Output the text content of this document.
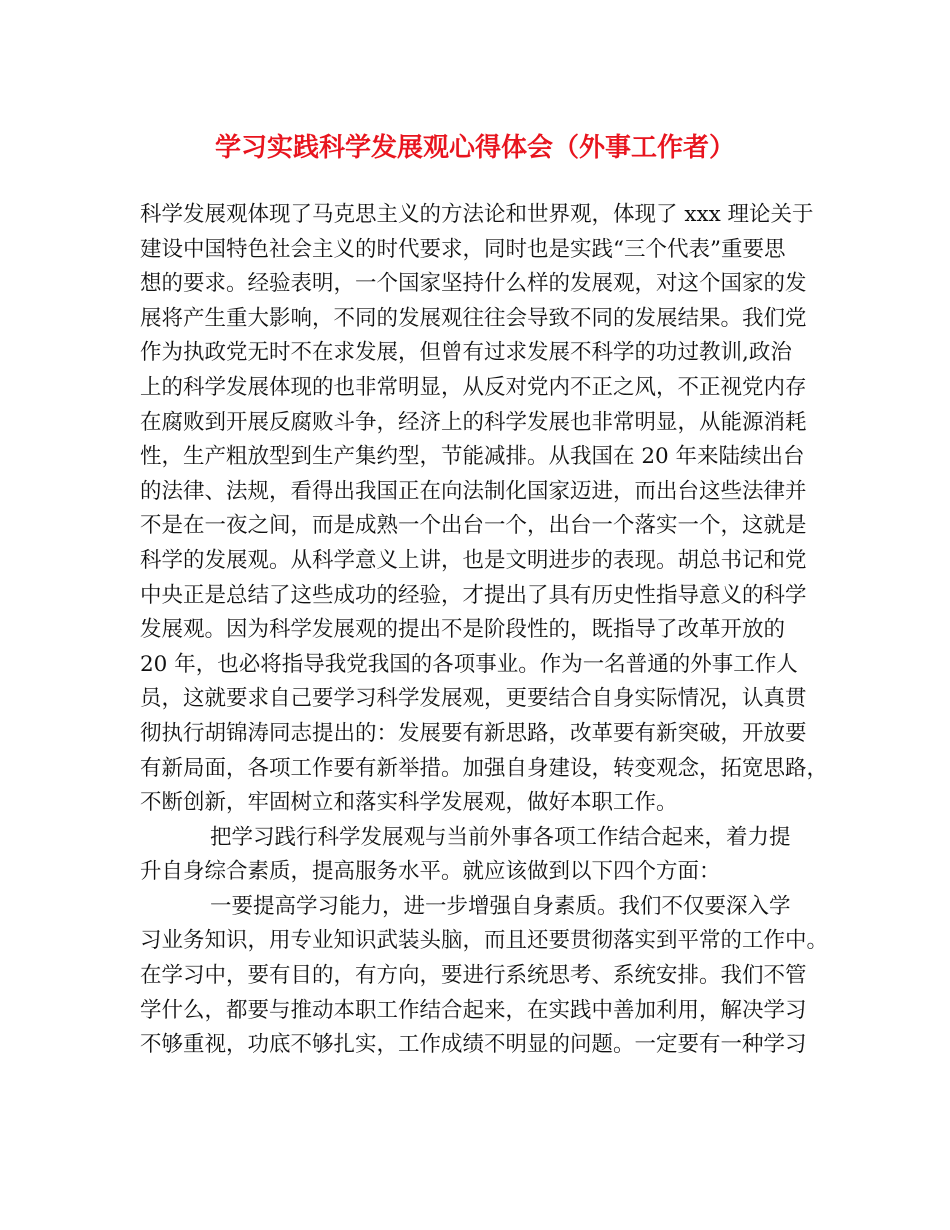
学习实践科学发展观心得体会（外事工作者）
科学发展观体现了马克思主义的方法论和世界观，体现了 xxx 理论关于
建设中国特色社会主义的时代要求，同时也是实践“三个代表”重要思
想的要求。经验表明，一个国家坚持什么样的发展观，对这个国家的发
展将产生重大影响，不同的发展观往往会导致不同的发展结果。我们党
作为执政党无时不在求发展，但曾有过求发展不科学的功过教训,政治
上的科学发展体现的也非常明显，从反对党内不正之风，不正视党内存
在腐败到开展反腐败斗争，经济上的科学发展也非常明显，从能源消耗
性，生产粗放型到生产集约型，节能减排。从我国在 20 年来陆续出台
的法律、法规，看得出我国正在向法制化国家迈进，而出台这些法律并
不是在一夜之间，而是成熟一个出台一个，出台一个落实一个，这就是
科学的发展观。从科学意义上讲，也是文明进步的表现。胡总书记和党
中央正是总结了这些成功的经验，才提出了具有历史性指导意义的科学
发展观。因为科学发展观的提出不是阶段性的，既指导了改革开放的
20 年，也必将指导我党我国的各项事业。作为一名普通的外事工作人
员，这就要求自己要学习科学发展观，更要结合自身实际情况，认真贯
彻执行胡锦涛同志提出的：发展要有新思路，改革要有新突破，开放要
有新局面，各项工作要有新举措。加强自身建设，转变观念，拓宽思路，
不断创新，牢固树立和落实科学发展观，做好本职工作。
把学习践行科学发展观与当前外事各项工作结合起来，着力提
升自身综合素质，提高服务水平。就应该做到以下四个方面：
一要提高学习能力，进一步增强自身素质。我们不仅要深入学
习业务知识，用专业知识武装头脑，而且还要贯彻落实到平常的工作中。
在学习中，要有目的，有方向，要进行系统思考、系统安排。我们不管
学什么，都要与推动本职工作结合起来，在实践中善加利用，解决学习
不够重视，功底不够扎实，工作成绩不明显的问题。一定要有一种学习
